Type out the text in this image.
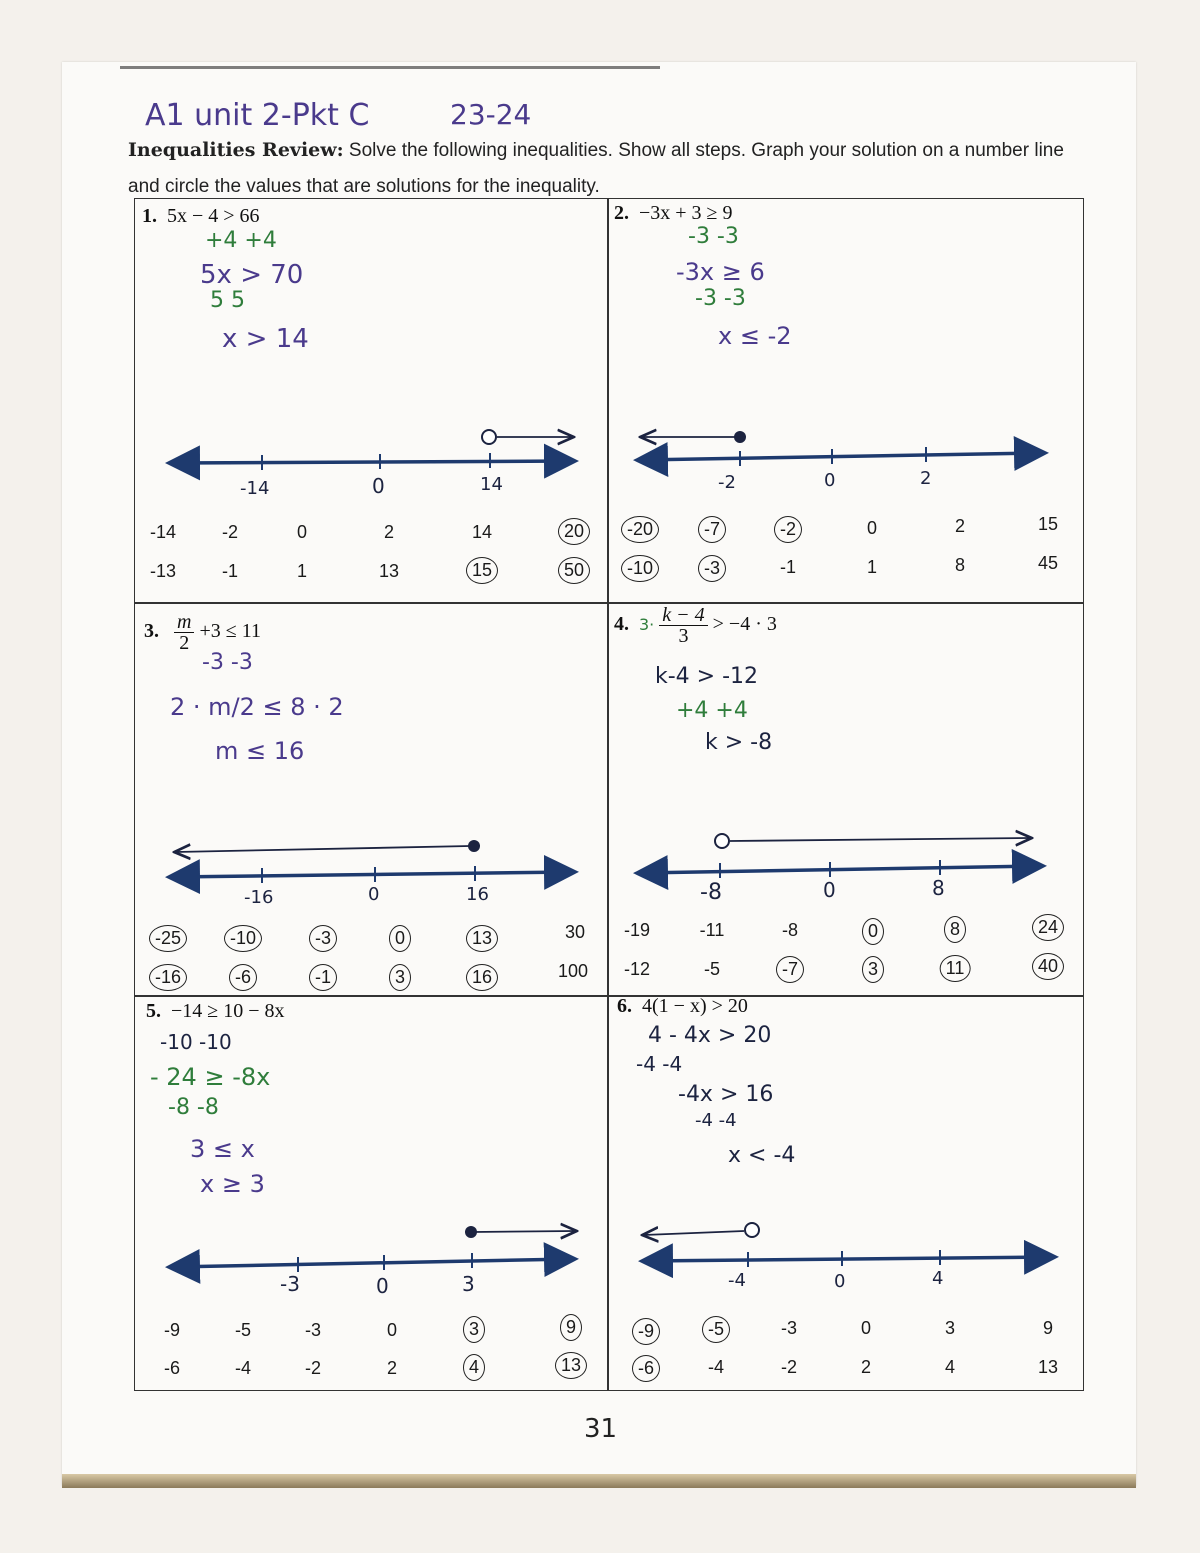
A1 unit 2-Pkt C	23-24
Inequalities Review: Solve the following inequalities. Show all steps. Graph your solution on a number line and circle the values that are solutions for the inequality.
1. 5x − 4 > 66	2. −3x + 3 ≥ 9
3. $\frac{m}{2} +3 \le 11$	4. $3\cdot \frac{k - 4}{3} > -4 \cdot 3$
5. −14 ≥ 10 − 8x	6. 4(1 − x) > 20
+4 +4
5x > 70
5 5
x > 14
-3 -3
-3x ≥ 6
-3 -3
x ≤ -2
-3 -3
2 · m/2 ≤ 8 · 2
m ≤ 16
k-4 > -12
+4 +4
k > -8
-10 -10
- 24 ≥ -8x
-8 -8
3 ≤ x
x ≥ 3
4 - 4x > 20
-4 -4
-4x > 16
-4 -4
x < -4
-14	0	14	-2	0	2
-16	0	16	-8	0	8
-3	0	3	-4	0	4
-14	-2	0	2	14	20
-13	-1	1	13	15	50
-20	-7	-2	0	2	15
-10	-3	-1	1	8	45
-25	-10	-3	0	13	30
-16	-6	-1	3	16	100
-19	-11	-8	0	8	24
-12	-5	-7	3	11	40
-9	-5	-3	0	3	9
-6	-4	-2	2	4	13
-9	-5	-3	0	3	9
-6	-4	-2	2	4	13
31
